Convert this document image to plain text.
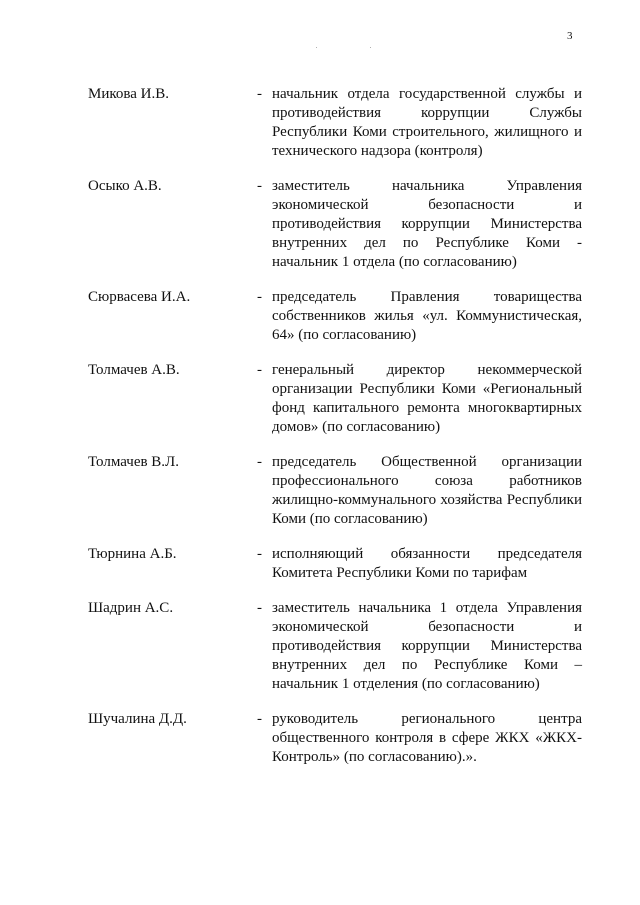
3
Микова И.В.	- начальник отдела государственной службы и противодействия коррупции Службы Республики Коми строительного, жилищного и технического надзора (контроля)
Осыко А.В.	- заместитель начальника Управления экономической безопасности и противодействия коррупции Министерства внутренних дел по Республике Коми - начальник 1 отдела (по согласованию)
Сюрвасева И.А.	- председатель Правления товарищества собственников жилья «ул. Коммунистическая, 64» (по согласованию)
Толмачев А.В.	- генеральный директор некоммерческой организации Республики Коми «Региональный фонд капитального ремонта многоквартирных домов» (по согласованию)
Толмачев В.Л.	- председатель Общественной организации профессионального союза работников жилищно-коммунального хозяйства Республики Коми (по согласованию)
Тюрнина А.Б.	- исполняющий обязанности председателя Комитета Республики Коми по тарифам
Шадрин А.С.	- заместитель начальника 1 отдела Управления экономической безопасности и противодействия коррупции Министерства внутренних дел по Республике Коми – начальник 1 отделения (по согласованию)
Шучалина Д.Д.	- руководитель регионального центра общественного контроля в сфере ЖКХ «ЖКХ-Контроль» (по согласованию).».
